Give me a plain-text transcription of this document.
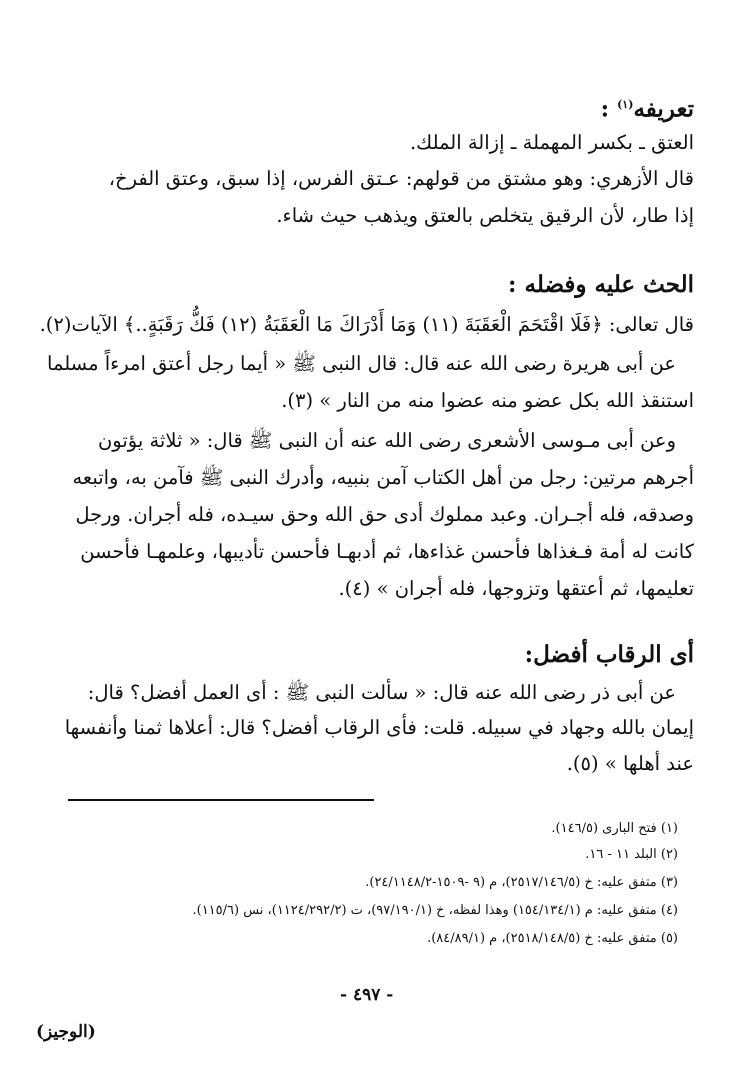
تعريفه$^{(١)}$ :
العتق ـ بكسر المهملة ـ إزالة الملك.
قال الأزهري: وهو مشتق من قولهم: عـتق الفرس، إذا سبق، وعتق الفرخ،
إذا طار، لأن الرقيق يتخلص بالعتق ويذهب حيث شاء.
الحث عليه وفضله :
قال تعالى: ﴿فَلَا اقْتَحَمَ الْعَقَبَةَ (١١) وَمَا أَدْرَاكَ مَا الْعَقَبَةُ (١٢) فَكُّ رَقَبَةٍ..﴾ الآيات(٢).
عن أبى هريرة رضى الله عنه قال: قال النبى ﷺ « أيما رجل أعتق امرءاً مسلما
استنقذ الله بكل عضو منه عضوا منه من النار » (٣).
وعن أبى مـوسى الأشعرى رضى الله عنه أن النبى ﷺ قال: « ثلاثة يؤتون
أجرهم مرتين: رجل من أهل الكتاب آمن بنبيه، وأدرك النبى ﷺ فآمن به، واتبعه
وصدقه، فله أجـران. وعبد مملوك أدى حق الله وحق سيـده، فله أجران. ورجل
كانت له أمة فـغذاها فأحسن غذاءها، ثم أدبهـا فأحسن تأديبها، وعلمهـا فأحسن
تعليمها، ثم أعتقها وتزوجها، فله أجران » (٤).
أى الرقاب أفضل:
عن أبى ذر رضى الله عنه قال: « سألت النبى ﷺ : أى العمل أفضل؟ قال:
إيمان بالله وجهاد في سبيله. قلت: فأى الرقاب أفضل؟ قال: أعلاها ثمنا وأنفسها
عند أهلها » (٥).
(١) فتح البارى (١٤٦/٥).
(٢) البلد ١١ - ١٦.
(٣) متفق عليه: خ (٢٥١٧/١٤٦/٥)، م (٩ -١٥٠٩-٢٤/١١٤٨/٢).
(٤) متفق عليه: م (١٥٤/١٣٤/١) وهذا لفظه، خ (٩٧/١٩٠/١)، ت (١١٢٤/٢٩٢/٢)، نس (١١٥/٦).
(٥) متفق عليه: خ (٢٥١٨/١٤٨/٥)، م (٨٤/٨٩/١).
- ٤٩٧ -
(الوجيز)
